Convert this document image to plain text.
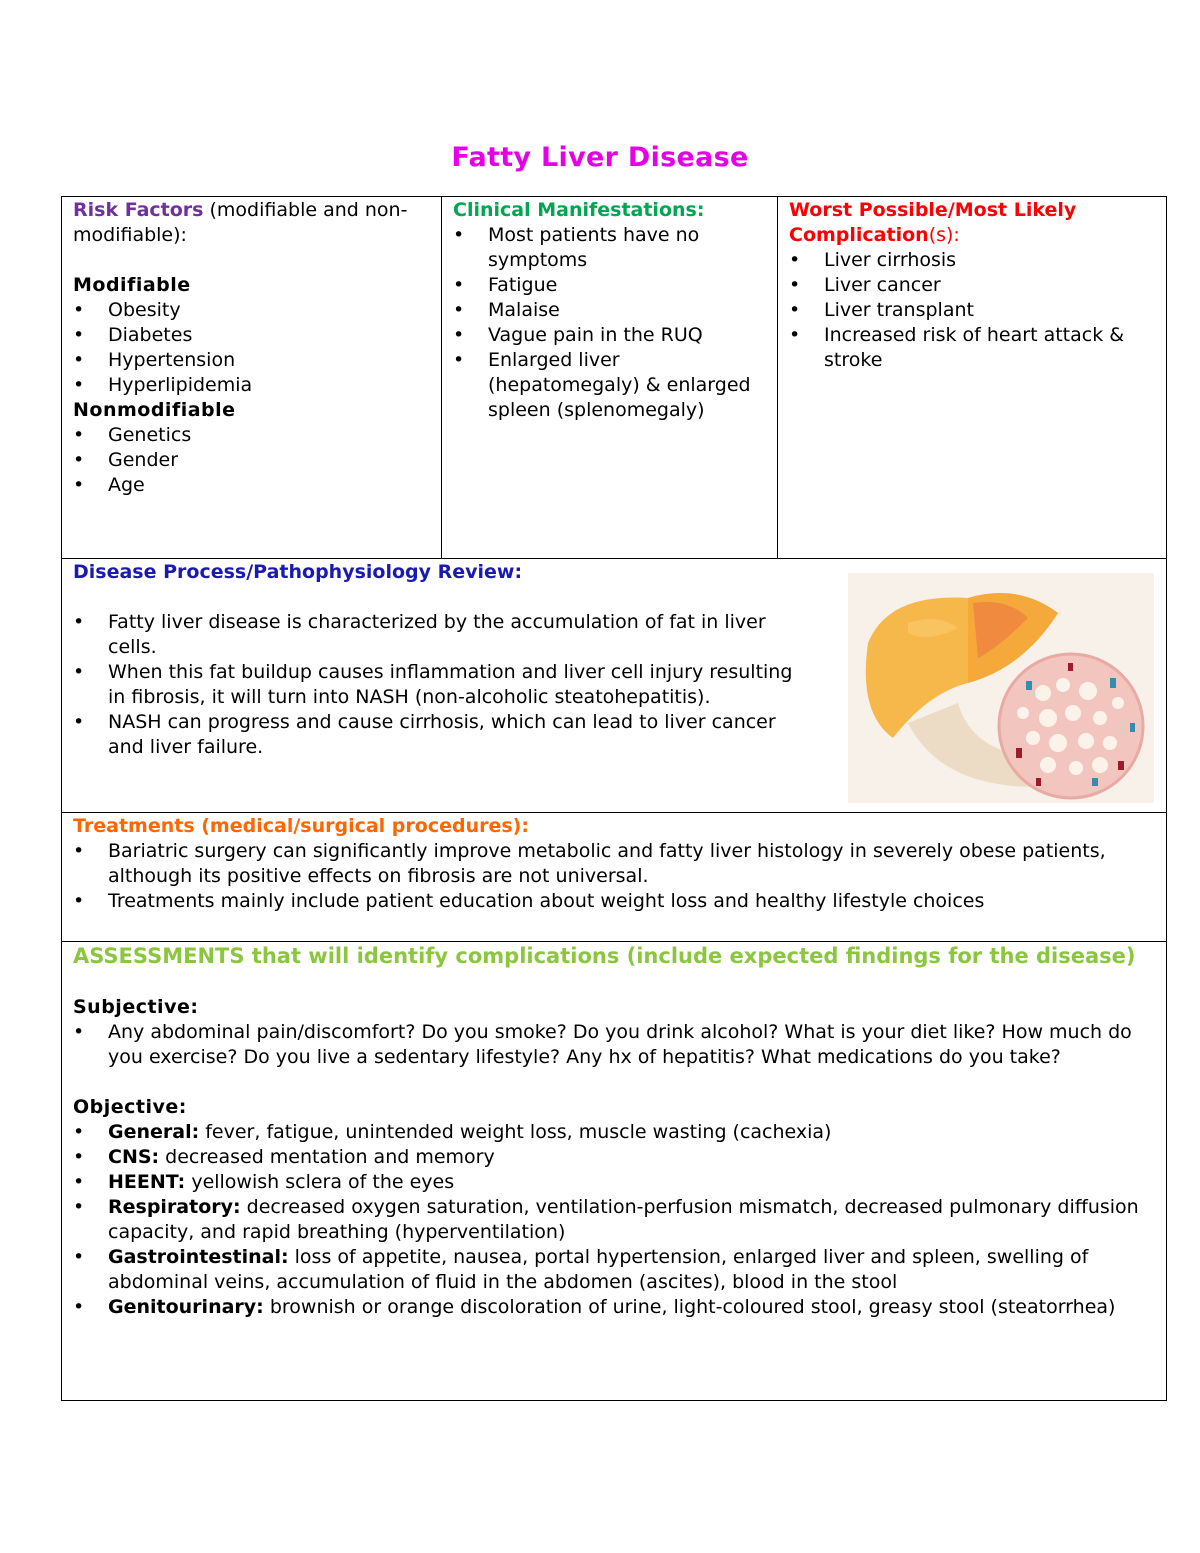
Fatty Liver Disease
Risk Factors (modifiable and non-modifiable):
Modifiable
• Obesity
• Diabetes
• Hypertension
• Hyperlipidemia
Nonmodifiable
• Genetics
• Gender
• Age
Clinical Manifestations:
• Most patients have no symptoms
• Fatigue
• Malaise
• Vague pain in the RUQ
• Enlarged liver (hepatomegaly) & enlarged spleen (splenomegaly)
Worst Possible/Most Likely Complication(s):
• Liver cirrhosis
• Liver cancer
• Liver transplant
• Increased risk of heart attack & stroke
Disease Process/Pathophysiology Review:
• Fatty liver disease is characterized by the accumulation of fat in liver cells.
• When this fat buildup causes inflammation and liver cell injury resulting in fibrosis, it will turn into NASH (non-alcoholic steatohepatitis).
• NASH can progress and cause cirrhosis, which can lead to liver cancer and liver failure.
Treatments (medical/surgical procedures):
• Bariatric surgery can significantly improve metabolic and fatty liver histology in severely obese patients, although its positive effects on fibrosis are not universal.
• Treatments mainly include patient education about weight loss and healthy lifestyle choices
ASSESSMENTS that will identify complications (include expected findings for the disease)
Subjective:
• Any abdominal pain/discomfort? Do you smoke? Do you drink alcohol? What is your diet like? How much do you exercise? Do you live a sedentary lifestyle? Any hx of hepatitis? What medications do you take?
Objective:
• General: fever, fatigue, unintended weight loss, muscle wasting (cachexia)
• CNS: decreased mentation and memory
• HEENT: yellowish sclera of the eyes
• Respiratory: decreased oxygen saturation, ventilation-perfusion mismatch, decreased pulmonary diffusion capacity, and rapid breathing (hyperventilation)
• Gastrointestinal: loss of appetite, nausea, portal hypertension, enlarged liver and spleen, swelling of abdominal veins, accumulation of fluid in the abdomen (ascites), blood in the stool
• Genitourinary: brownish or orange discoloration of urine, light-coloured stool, greasy stool (steatorrhea)
